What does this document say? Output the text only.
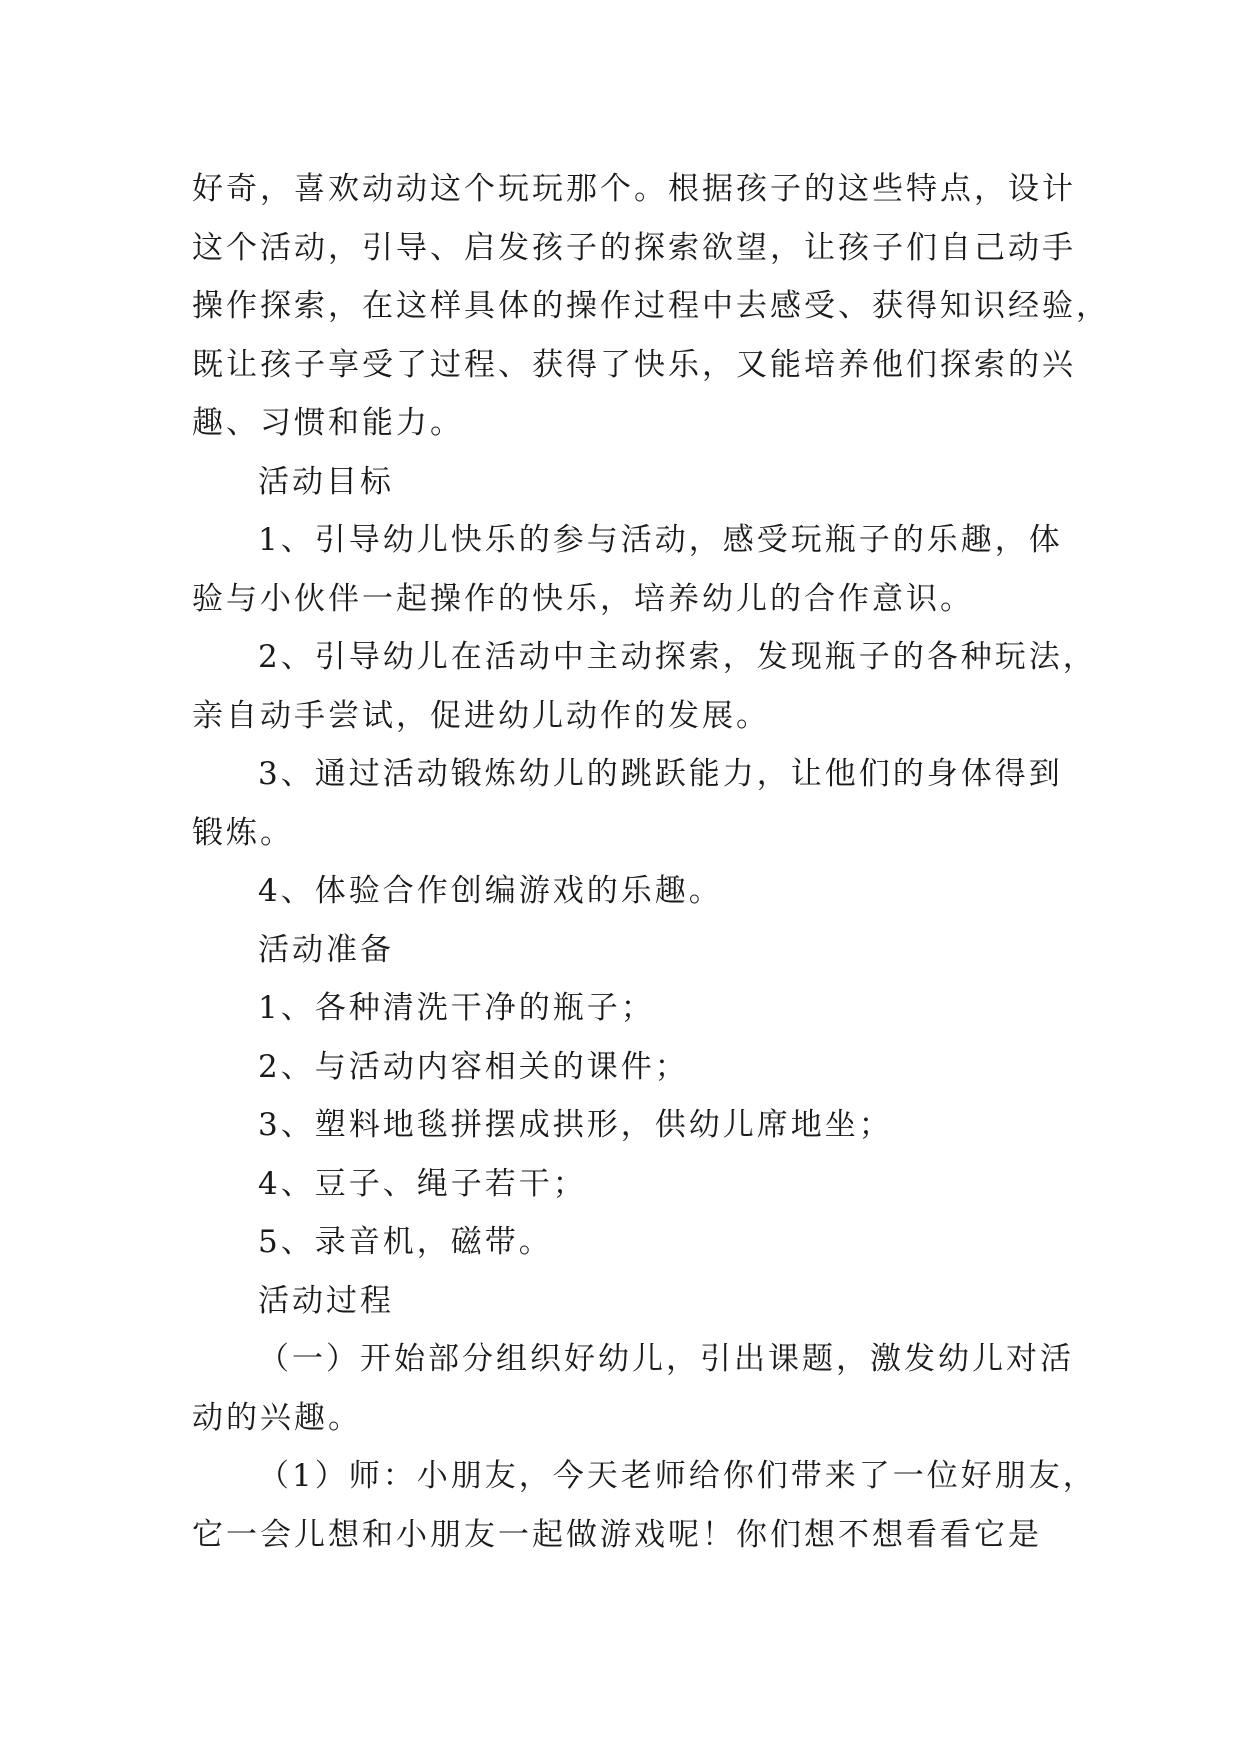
好奇，喜欢动动这个玩玩那个。根据孩子的这些特点，设计
这个活动，引导、启发孩子的探索欲望，让孩子们自己动手
操作探索，在这样具体的操作过程中去感受、获得知识经验，
既让孩子享受了过程、获得了快乐，又能培养他们探索的兴
趣、习惯和能力。
活动目标
1、引导幼儿快乐的参与活动，感受玩瓶子的乐趣，体
验与小伙伴一起操作的快乐，培养幼儿的合作意识。
2、引导幼儿在活动中主动探索，发现瓶子的各种玩法，
亲自动手尝试，促进幼儿动作的发展。
3、通过活动锻炼幼儿的跳跃能力，让他们的身体得到
锻炼。
4、体验合作创编游戏的乐趣。
活动准备
1、各种清洗干净的瓶子；
2、与活动内容相关的课件；
3、塑料地毯拼摆成拱形，供幼儿席地坐；
4、豆子、绳子若干；
5、录音机，磁带。
活动过程
（一）开始部分组织好幼儿，引出课题，激发幼儿对活
动的兴趣。
（1）师：小朋友，今天老师给你们带来了一位好朋友，
它一会儿想和小朋友一起做游戏呢！你们想不想看看它是
